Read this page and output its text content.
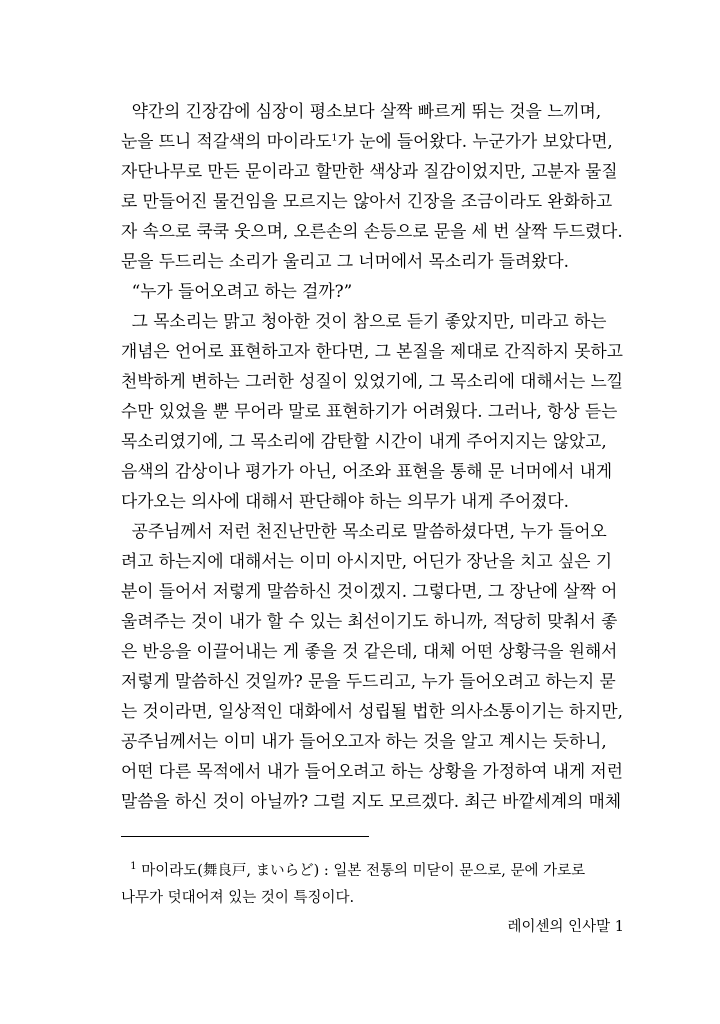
약간의 긴장감에 심장이 평소보다 살짝 빠르게 뛰는 것을 느끼며,
눈을 뜨니 적갈색의 마이라도$^1$가 눈에 들어왔다. 누군가가 보았다면,
자단나무로 만든 문이라고 할만한 색상과 질감이었지만, 고분자 물질
로 만들어진 물건임을 모르지는 않아서 긴장을 조금이라도 완화하고
자 속으로 쿡쿡 웃으며, 오른손의 손등으로 문을 세 번 살짝 두드렸다.
문을 두드리는 소리가 울리고 그 너머에서 목소리가 들려왔다.
“누가 들어오려고 하는 걸까?”
그 목소리는 맑고 청아한 것이 참으로 듣기 좋았지만, 미라고 하는
개념은 언어로 표현하고자 한다면, 그 본질을 제대로 간직하지 못하고
천박하게 변하는 그러한 성질이 있었기에, 그 목소리에 대해서는 느낄
수만 있었을 뿐 무어라 말로 표현하기가 어려웠다. 그러나, 항상 듣는
목소리였기에, 그 목소리에 감탄할 시간이 내게 주어지지는 않았고,
음색의 감상이나 평가가 아닌, 어조와 표현을 통해 문 너머에서 내게
다가오는 의사에 대해서 판단해야 하는 의무가 내게 주어졌다.
공주님께서 저런 천진난만한 목소리로 말씀하셨다면, 누가 들어오
려고 하는지에 대해서는 이미 아시지만, 어딘가 장난을 치고 싶은 기
분이 들어서 저렇게 말씀하신 것이겠지. 그렇다면, 그 장난에 살짝 어
울려주는 것이 내가 할 수 있는 최선이기도 하니까, 적당히 맞춰서 좋
은 반응을 이끌어내는 게 좋을 것 같은데, 대체 어떤 상황극을 원해서
저렇게 말씀하신 것일까? 문을 두드리고, 누가 들어오려고 하는지 묻
는 것이라면, 일상적인 대화에서 성립될 법한 의사소통이기는 하지만,
공주님께서는 이미 내가 들어오고자 하는 것을 알고 계시는 듯하니,
어떤 다른 목적에서 내가 들어오려고 하는 상황을 가정하여 내게 저런
말씀을 하신 것이 아닐까? 그럴 지도 모르겠다. 최근 바깥세계의 매체
$^1$ 마이라도(舞良戸, まいらど) : 일본 전통의 미닫이 문으로, 문에 가로로
나무가 덧대어져 있는 것이 특징이다.
레이센의 인사말 1
